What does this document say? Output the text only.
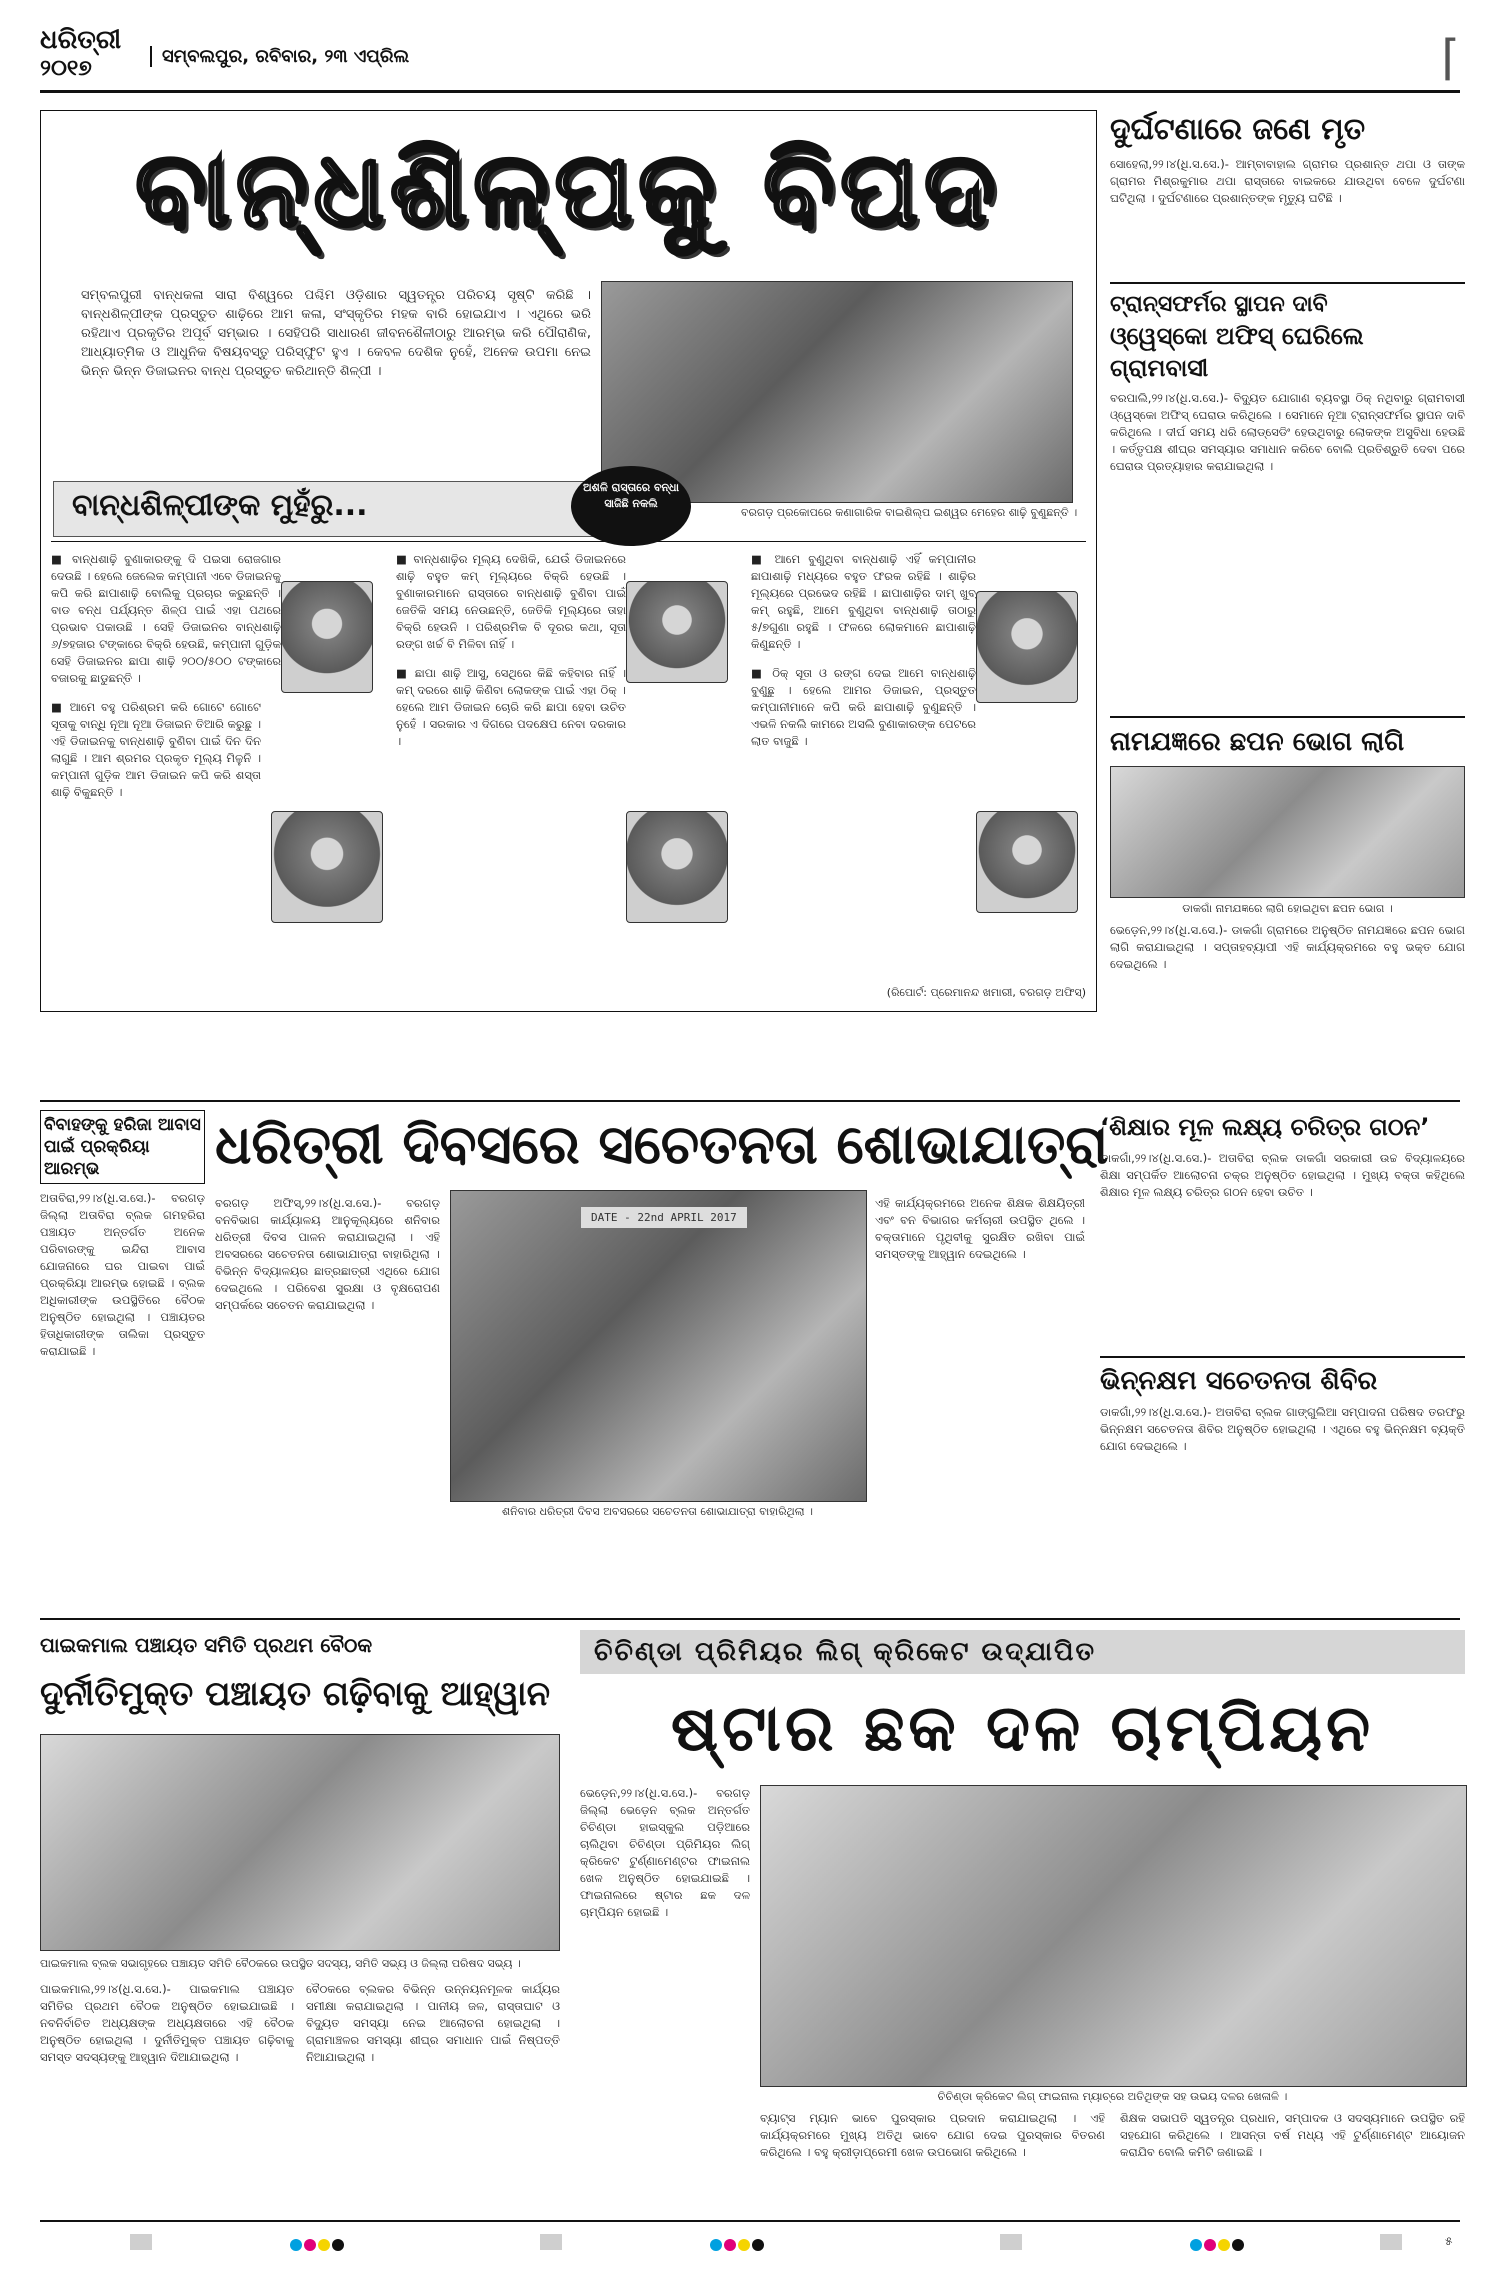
ଧରିତ୍ରୀ
୨୦୧୭	ସମ୍ବଲପୁର, ରବିବାର, ୨୩ ଏପ୍ରିଲ	⌈
ବାନ୍ଧଶିଳ୍ପକୁ ବିପଦ
ସମ୍ବଲପୁରୀ ବାନ୍ଧକଳା ସାରା ବିଶ୍ୱରେ ପଶ୍ଚିମ ଓଡ଼ିଶାର ସ୍ୱତନ୍ତ୍ର ପରିଚୟ ସୃଷ୍ଟି କରିଛି । ବାନ୍ଧଶିଳ୍ପୀଙ୍କ ପ୍ରସ୍ତୁତ ଶାଢ଼ିରେ ଆମ କଳା, ସଂସ୍କୃତିର ମହକ ବାରି ହୋଇଯାଏ । ଏଥିରେ ଭରି ରହିଥାଏ ପ୍ରକୃତିର ଅପୂର୍ବ ସମ୍ଭାର । ସେହିପରି ସାଧାରଣ ଜୀବନଶୈଳୀଠାରୁ ଆରମ୍ଭ କରି ପୌରାଣିକ, ଆଧ୍ୟାତ୍ମିକ ଓ ଆଧୁନିକ ବିଷୟବସ୍ତୁ ପରିସ୍ଫୁଟ ହୁଏ । କେବଳ ଦେଶିକ ନୁହେଁ, ଅନେକ ଉପମା ନେଇ ଭିନ୍ନ ଭିନ୍ନ ଡିଜାଇନର ବାନ୍ଧ ପ୍ରସ୍ତୁତ କରିଥାନ୍ତି ଶିଳ୍ପୀ ।
ବାନ୍ଧଶିଳ୍ପୀଙ୍କ ମୁହଁରୁ...
ଅଶଳି ରାସ୍ତାରେ ବନ୍ଧା ସାଜିଛି ନକଲି
ବରଗଡ଼ ପ୍ରକୋପରେ କଣାଗାରିକ ବାଇଶିଲ୍ପ ଇଶ୍ୱର ମେହେର ଶାଢ଼ି ବୁଣୁଛନ୍ତି ।
■ ବାନ୍ଧଶାଢ଼ି ବୁଣାକାରଙ୍କୁ ଦି ପଇସା ରୋଜଗାର ଦେଉଛି । ହେଲେ ଜେଲେକ କମ୍ପାନୀ ଏବେ ଡିଜାଇନକୁ କପି କରି ଛାପାଶାଢ଼ି ବୋଲିକୁ ପ୍ରଚାର କରୁଛନ୍ତି । ବାଡ ବନ୍ଧ ପର୍ଯ୍ୟନ୍ତ ଶିଳ୍ପ ପାଇଁ ଏହା ପଥରେ ପ୍ରଭାବ ପକାଉଛି । ସେହି ଡିଜାଇନର ବାନ୍ଧଶାଢ଼ି ୬/୭ହଜାର ଟଙ୍କାରେ ବିକ୍ରି ହେଉଛି, କମ୍ପାନୀ ଗୁଡ଼ିକ ସେହି ଡିଜାଇନର ଛାପା ଶାଢ଼ି ୨୦୦/୫୦୦ ଟଙ୍କାରେ ବଜାରକୁ ଛାଡୁଛନ୍ତି ।
■ ଆମେ ବହୁ ପରିଶ୍ରମ କରି ଗୋଟେ ଗୋଟେ ସୂତାକୁ ବାନ୍ଧି ନୂଆ ନୂଆ ଡିଜାଇନ ତିଆରି କରୁଛୁ । ଏହି ଡିଜାଇନକୁ ବାନ୍ଧଶାଢ଼ି ବୁଣିବା ପାଇଁ ଦିନ ଦିନ ଲାଗୁଛି । ଆମ ଶ୍ରମର ପ୍ରକୃତ ମୂଲ୍ୟ ମିଳୁନି । କମ୍ପାନୀ ଗୁଡ଼ିକ ଆମ ଡିଜାଇନ କପି କରି ଶସ୍ତା ଶାଢ଼ି ବିକୁଛନ୍ତି ।
■ ବାନ୍ଧଶାଢ଼ିର ମୂଲ୍ୟ ଦେଖିକି, ଯେଉଁ ଡିଜାଇନରେ ଶାଢ଼ି ବହୁତ କମ୍ ମୂଲ୍ୟରେ ବିକ୍ରି ହେଉଛି । ବୁଣାକାରମାନେ ରାସ୍ତାରେ ବାନ୍ଧଶାଢ଼ି ବୁଣିବା ପାଇଁ ଜେତିକି ସମୟ ନେଉଛନ୍ତି, ଜେତିକି ମୂଲ୍ୟରେ ତାହା ବିକ୍ରି ହେଉନି । ପରିଶ୍ରମିକ ବି ଦୂରର କଥା, ସୂତା ରଙ୍ଗ ଖର୍ଚ୍ଚ ବି ମିଳିବା ନାହିଁ ।
■ ଛାପା ଶାଢ଼ି ଆସୁ, ସେଥିରେ କିଛି କହିବାର ନାହିଁ । କମ୍ ଦରରେ ଶାଢ଼ି କିଣିବା ଲୋକଙ୍କ ପାଇଁ ଏହା ଠିକ୍ । ହେଲେ ଆମ ଡିଜାଇନ ଚୋରି କରି ଛାପା ହେବା ଉଚିତ ନୁହେଁ । ସରକାର ଏ ଦିଗରେ ପଦକ୍ଷେପ ନେବା ଦରକାର ।
■ ଆମେ ବୁଣୁଥିବା ବାନ୍ଧଶାଢ଼ି ଏହିଁ କମ୍ପାନୀର ଛାପାଶାଢ଼ି ମଧ୍ୟରେ ବହୁତ ଫରକ ରହିଛି । ଶାଢ଼ିର ମୂଲ୍ୟରେ ପ୍ରଭେଦ ରହିଛି । ଛାପାଶାଢ଼ିର ଦାମ୍ ଖୁବ୍ କମ୍ ରହୁଛି, ଆମେ ବୁଣୁଥିବା ବାନ୍ଧଶାଢ଼ି ତାଠାରୁ ୫/୭ଗୁଣା ରହୁଛି । ଫଳରେ ଲୋକମାନେ ଛାପାଶାଢ଼ି କିଣୁଛନ୍ତି ।
■ ଠିକ୍ ସୂତା ଓ ରଙ୍ଗ ଦେଇ ଆମେ ବାନ୍ଧଶାଢ଼ି ବୁଣୁଛୁ । ହେଲେ ଆମର ଡିଜାଇନ, ପ୍ରସ୍ତୁତ କମ୍ପାନୀମାନେ କପି କରି ଛାପାଶାଢ଼ି ବୁଣୁଛନ୍ତି । ଏଭଳି ନକଲି କାମରେ ଅସଲି ବୁଣାକାରଙ୍କ ପେଟରେ ଲାତ ବାଜୁଛି ।
(ରିପୋର୍ଟ: ପ୍ରେମାନନ୍ଦ ଖମାରୀ, ବରଗଡ଼ ଅଫିସ୍)
ଦୁର୍ଘଟଣାରେ ଜଣେ ମୃତ
ସୋହେଲା,୨୨।୪(ଧି.ସ.ସେ.)- ଆମ୍ବାବାହାଲ ଗ୍ରାମର ପ୍ରଶାନ୍ତ ଥପା ଓ ତାଙ୍କ ଗ୍ରାମର ମିଶ୍ରକୁମାର ଥପା ରାସ୍ତାରେ ବାଇକରେ ଯାଉଥିବା ବେଳେ ଦୁର୍ଘଟଣା ଘଟିଥିଲା । ଦୁର୍ଘଟଣାରେ ପ୍ରଶାନ୍ତଙ୍କ ମୃତ୍ୟୁ ଘଟିଛି ।
ଟ୍ରାନ୍ସଫର୍ମର ସ୍ଥାପନ ଦାବି
ଓ୍ୱେସ୍କୋ ଅଫିସ୍ ଘେରିଲେ ଗ୍ରାମବାସୀ
ବରପାଲି,୨୨।୪(ଧି.ସ.ସେ.)- ବିଦ୍ୟୁତ ଯୋଗାଣ ବ୍ୟବସ୍ଥା ଠିକ୍ ନଥିବାରୁ ଗ୍ରାମବାସୀ ଓ୍ୱେସ୍କୋ ଅଫିସ୍ ଘେରାଉ କରିଥିଲେ । ସେମାନେ ନୂଆ ଟ୍ରାନ୍ସଫର୍ମର ସ୍ଥାପନ ଦାବି କରିଥିଲେ । ଦୀର୍ଘ ସମୟ ଧରି ଲୋଡ୍‌ସେଡିଂ ହେଉଥିବାରୁ ଲୋକଙ୍କ ଅସୁବିଧା ହେଉଛି । କର୍ତ୍ତୃପକ୍ଷ ଶୀଘ୍ର ସମସ୍ୟାର ସମାଧାନ କରିବେ ବୋଲି ପ୍ରତିଶ୍ରୁତି ଦେବା ପରେ ଘେରାଉ ପ୍ରତ୍ୟାହାର କରାଯାଇଥିଲା ।
ନାମଯଜ୍ଞରେ ଛପନ ଭୋଗ ଲାଗି
ଡାକଗାଁ ନାମଯଜ୍ଞରେ ଲାଗି ହୋଇଥିବା ଛପନ ଭୋଗ ।
ଭେଡ଼େନ,୨୨।୪(ଧି.ସ.ସେ.)- ଡାକଗାଁ ଗ୍ରାମରେ ଅନୁଷ୍ଠିତ ନାମଯଜ୍ଞରେ ଛପନ ଭୋଗ ଲାଗି କରାଯାଇଥିଲା । ସପ୍ତାହବ୍ୟାପୀ ଏହି କାର୍ଯ୍ୟକ୍ରମରେ ବହୁ ଭକ୍ତ ଯୋଗ ଦେଇଥିଲେ ।
ବିବାହଙ୍କୁ ହରିଜା ଆବାସ ପାଇଁ ପ୍ରକ୍ରିୟା ଆରମ୍ଭ
ଅତାବିରା,୨୨।୪(ଧି.ସ.ସେ.)- ବରଗଡ଼ ଜିଲ୍ଲା ଅତାବିରା ବ୍ଲକ ଗମହରିରା ପଞ୍ଚାୟତ ଅନ୍ତର୍ଗତ ଅନେକ ପରିବାରଙ୍କୁ ଇନ୍ଦିରା ଆବାସ ଯୋଜନାରେ ଘର ପାଇବା ପାଇଁ ପ୍ରକ୍ରିୟା ଆରମ୍ଭ ହୋଇଛି । ବ୍ଲକ ଅଧିକାରୀଙ୍କ ଉପସ୍ଥିତିରେ ବୈଠକ ଅନୁଷ୍ଠିତ ହୋଇଥିଲା । ପଞ୍ଚାୟତର ହିତାଧିକାରୀଙ୍କ ତାଲିକା ପ୍ରସ୍ତୁତ କରାଯାଇଛି ।
ଧରିତ୍ରୀ ଦିବସରେ ସଚେତନତା ଶୋଭାଯାତ୍ରା
ବରଗଡ଼ ଅଫିସ୍,୨୨।୪(ଧି.ସ.ସେ.)- ବରଗଡ଼ ବନବିଭାଗ କାର୍ଯ୍ୟାଳୟ ଆନୁକୂଲ୍ୟରେ ଶନିବାର ଧରିତ୍ରୀ ଦିବସ ପାଳନ କରାଯାଇଥିଲା । ଏହି ଅବସରରେ ସଚେତନତା ଶୋଭାଯାତ୍ରା ବାହାରିଥିଲା । ବିଭିନ୍ନ ବିଦ୍ୟାଳୟର ଛାତ୍ରଛାତ୍ରୀ ଏଥିରେ ଯୋଗ ଦେଇଥିଲେ । ପରିବେଶ ସୁରକ୍ଷା ଓ ବୃକ୍ଷରୋପଣ ସମ୍ପର୍କରେ ସଚେତନ କରାଯାଇଥିଲା ।
DATE - 22nd APRIL 2017
ଶନିବାର ଧରିତ୍ରୀ ଦିବସ ଅବସରରେ ସଚେତନତା ଶୋଭାଯାତ୍ରା ବାହାରିଥିଲା ।
ଏହି କାର୍ଯ୍ୟକ୍ରମରେ ଅନେକ ଶିକ୍ଷକ ଶିକ୍ଷୟିତ୍ରୀ ଏବଂ ବନ ବିଭାଗର କର୍ମଚାରୀ ଉପସ୍ଥିତ ଥିଲେ । ବକ୍ତାମାନେ ପୃଥିବୀକୁ ସୁରକ୍ଷିତ ରଖିବା ପାଇଁ ସମସ୍ତଙ୍କୁ ଆହ୍ୱାନ ଦେଇଥିଲେ ।
‘ଶିକ୍ଷାର ମୂଳ ଲକ୍ଷ୍ୟ ଚରିତ୍ର ଗଠନ’
ଡାକଗାଁ,୨୨।୪(ଧି.ସ.ସେ.)- ଅତାବିରା ବ୍ଲକ ଡାକଗାଁ ସରକାରୀ ଉଚ୍ଚ ବିଦ୍ୟାଳୟରେ ଶିକ୍ଷା ସମ୍ପର୍କିତ ଆଲୋଚନା ଚକ୍ର ଅନୁଷ୍ଠିତ ହୋଇଥିଲା । ମୁଖ୍ୟ ବକ୍ତା କହିଥିଲେ ଶିକ୍ଷାର ମୂଳ ଲକ୍ଷ୍ୟ ଚରିତ୍ର ଗଠନ ହେବା ଉଚିତ ।
ଭିନ୍ନକ୍ଷମ ସଚେତନତା ଶିବିର
ଡାକଗାଁ,୨୨।୪(ଧି.ସ.ସେ.)- ଅତାବିରା ବ୍ଲକ ଗାଙ୍ଗୁଲିଆ ସମ୍ପାଦନା ପରିଷଦ ତରଫରୁ ଭିନ୍ନକ୍ଷମ ସଚେତନତା ଶିବିର ଅନୁଷ୍ଠିତ ହୋଇଥିଲା । ଏଥିରେ ବହୁ ଭିନ୍ନକ୍ଷମ ବ୍ୟକ୍ତି ଯୋଗ ଦେଇଥିଲେ ।
ପାଇକମାଲ ପଞ୍ଚାୟତ ସମିତି ପ୍ରଥମ ବୈଠକ
ଦୁର୍ନୀତିମୁକ୍ତ ପଞ୍ଚାୟତ ଗଢ଼ିବାକୁ ଆହ୍ୱାନ
ପାଇକମାଲ ବ୍ଲକ ସଭାଗୃହରେ ପଞ୍ଚାୟତ ସମିତି ବୈଠକରେ ଉପସ୍ଥିତ ସଦସ୍ୟ, ସମିତି ସଭ୍ୟ ଓ ଜିଲ୍ଲା ପରିଷଦ ସଭ୍ୟ ।
ପାଇକମାଲ,୨୨।୪(ଧି.ସ.ସେ.)- ପାଇକମାଲ ପଞ୍ଚାୟତ ସମିତିର ପ୍ରଥମ ବୈଠକ ଅନୁଷ୍ଠିତ ହୋଇଯାଇଛି । ନବନିର୍ବାଚିତ ଅଧ୍ୟକ୍ଷଙ୍କ ଅଧ୍ୟକ୍ଷତାରେ ଏହି ବୈଠକ ଅନୁଷ୍ଠିତ ହୋଇଥିଲା । ଦୁର୍ନୀତିମୁକ୍ତ ପଞ୍ଚାୟତ ଗଢ଼ିବାକୁ ସମସ୍ତ ସଦସ୍ୟଙ୍କୁ ଆହ୍ୱାନ ଦିଆଯାଇଥିଲା ।
ବୈଠକରେ ବ୍ଲକର ବିଭିନ୍ନ ଉନ୍ନୟନମୂଳକ କାର୍ଯ୍ୟର ସମୀକ୍ଷା କରାଯାଇଥିଲା । ପାନୀୟ ଜଳ, ରାସ୍ତାଘାଟ ଓ ବିଦ୍ୟୁତ ସମସ୍ୟା ନେଇ ଆଲୋଚନା ହୋଇଥିଲା । ଗ୍ରାମାଞ୍ଚଳର ସମସ୍ୟା ଶୀଘ୍ର ସମାଧାନ ପାଇଁ ନିଷ୍ପତ୍ତି ନିଆଯାଇଥିଲା ।
ଚିଚିଣ୍ଡା ପ୍ରିମିୟର ଲିଗ୍ କ୍ରିକେଟ ଉଦ୍‌ଯାପିତ
ଷ୍ଟାର ଛକ ଦଳ ଚାମ୍ପିୟନ
ଭେଡ଼େନ,୨୨।୪(ଧି.ସ.ସେ.)- ବରଗଡ଼ ଜିଲ୍ଲା ଭେଡ଼େନ ବ୍ଲକ ଅନ୍ତର୍ଗତ ଚିଚିଣ୍ଡା ହାଇସ୍କୁଲ ପଡ଼ିଆରେ ଚାଲିଥିବା ଚିଚିଣ୍ଡା ପ୍ରିମିୟର ଲିଗ୍ କ୍ରିକେଟ ଟୁର୍ଣ୍ଣାମେଣ୍ଟର ଫାଇନାଲ ଖେଳ ଅନୁଷ୍ଠିତ ହୋଇଯାଇଛି । ଫାଇନାଲରେ ଷ୍ଟାର ଛକ ଦଳ ଚାମ୍ପିୟନ ହୋଇଛି ।
ଚିଚିଣ୍ଡା କ୍ରିକେଟ ଲିଗ୍ ଫାଇନାଲ ମ୍ୟାଚ୍‌ରେ ଅତିଥିଙ୍କ ସହ ଉଭୟ ଦଳର ଖେଳାଳି ।
ବ୍ୟାଟ୍ସ ମ୍ୟାନ ଭାବେ ପୁରସ୍କାର ପ୍ରଦାନ କରାଯାଇଥିଲା । ଏହି କାର୍ଯ୍ୟକ୍ରମରେ ମୁଖ୍ୟ ଅତିଥି ଭାବେ ଯୋଗ ଦେଇ ପୁରସ୍କାର ବିତରଣ କରିଥିଲେ । ବହୁ କ୍ରୀଡ଼ାପ୍ରେମୀ ଖେଳ ଉପଭୋଗ କରିଥିଲେ ।
ଶିକ୍ଷକ ସଭାପତି ସ୍ୱତନ୍ତ୍ର ପ୍ରଧାନ, ସମ୍ପାଦକ ଓ ସଦସ୍ୟମାନେ ଉପସ୍ଥିତ ରହି ସହଯୋଗ କରିଥିଲେ । ଆସନ୍ତା ବର୍ଷ ମଧ୍ୟ ଏହି ଟୁର୍ଣ୍ଣାମେଣ୍ଟ ଆୟୋଜନ କରାଯିବ ବୋଲି କମିଟି ଜଣାଇଛି ।
୫
